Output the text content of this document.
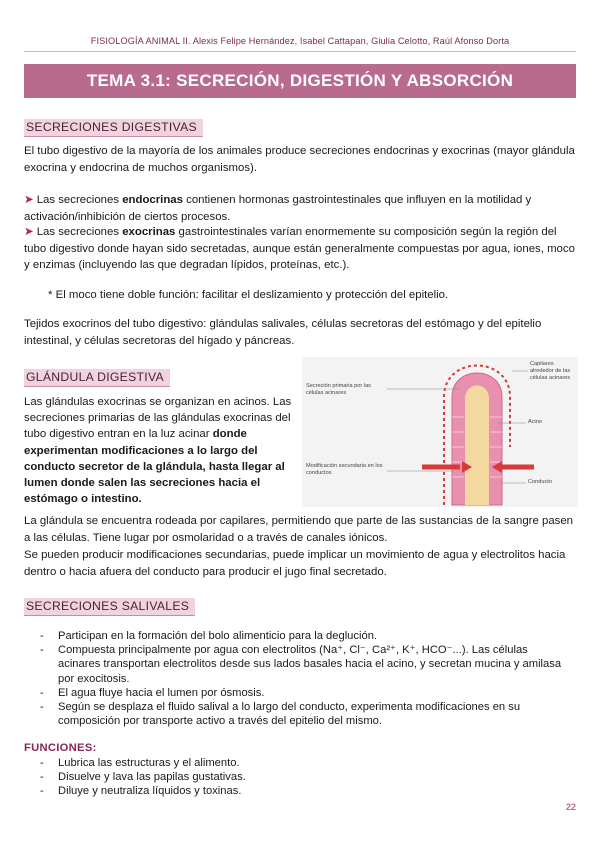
FISIOLOGÍA ANIMAL II. Alexis Felipe Hernández, Isabel Cattapan, Giulia Celotto, Raúl Afonso Dorta
TEMA 3.1: SECRECIÓN, DIGESTIÓN Y ABSORCIÓN
SECRECIONES DIGESTIVAS
El tubo digestivo de la mayoría de los animales produce secreciones endocrinas y exocrinas (mayor glándula exocrina y endocrina de muchos organismos).
➤ Las secreciones endocrinas contienen hormonas gastrointestinales que influyen en la motilidad y activación/inhibición de ciertos procesos.
➤ Las secreciones exocrinas gastrointestinales varían enormemente su composición según la región del tubo digestivo donde hayan sido secretadas, aunque están generalmente compuestas por agua, iones, moco y enzimas (incluyendo las que degradan lípidos, proteínas, etc.).
* El moco tiene doble función: facilitar el deslizamiento y protección del epitelio.
Tejidos exocrinos del tubo digestivo: glándulas salivales, células secretoras del estómago y del epitelio intestinal, y células secretoras del hígado y páncreas.
GLÁNDULA DIGESTIVA
Las glándulas exocrinas se organizan en acinos. Las secreciones primarias de las glándulas exocrinas del tubo digestivo entran en la luz acinar donde experimentan modificaciones a lo largo del conducto secretor de la glándula, hasta llegar al lumen donde salen las secreciones hacia el estómago o intestino.
Capilares alrededor de las células acinares
Secreción primaria por las células acinares
Acino
Modificación secundaria en los conductos
Conducto
La glándula se encuentra rodeada por capilares, permitiendo que parte de las sustancias de la sangre pasen a las células. Tiene lugar por osmolaridad o a través de canales iónicos.
Se pueden producir modificaciones secundarias, puede implicar un movimiento de agua y electrolitos hacia dentro o hacia afuera del conducto para producir el jugo final secretado.
SECRECIONES SALIVALES
- Participan en la formación del bolo alimenticio para la deglución.
- Compuesta principalmente por agua con electrolitos (Na⁺, Cl⁻, Ca²⁺, K⁺, HCO⁻...). Las células acinares transportan electrolitos desde sus lados basales hacia el acino, y secretan mucina y amilasa por exocitosis.
- El agua fluye hacia el lumen por ósmosis.
- Según se desplaza el fluido salival a lo largo del conducto, experimenta modificaciones en su composición por transporte activo a través del epitelio del mismo.
FUNCIONES:
- Lubrica las estructuras y el alimento.
- Disuelve y lava las papilas gustativas.
- Diluye y neutraliza líquidos y toxinas.
22
